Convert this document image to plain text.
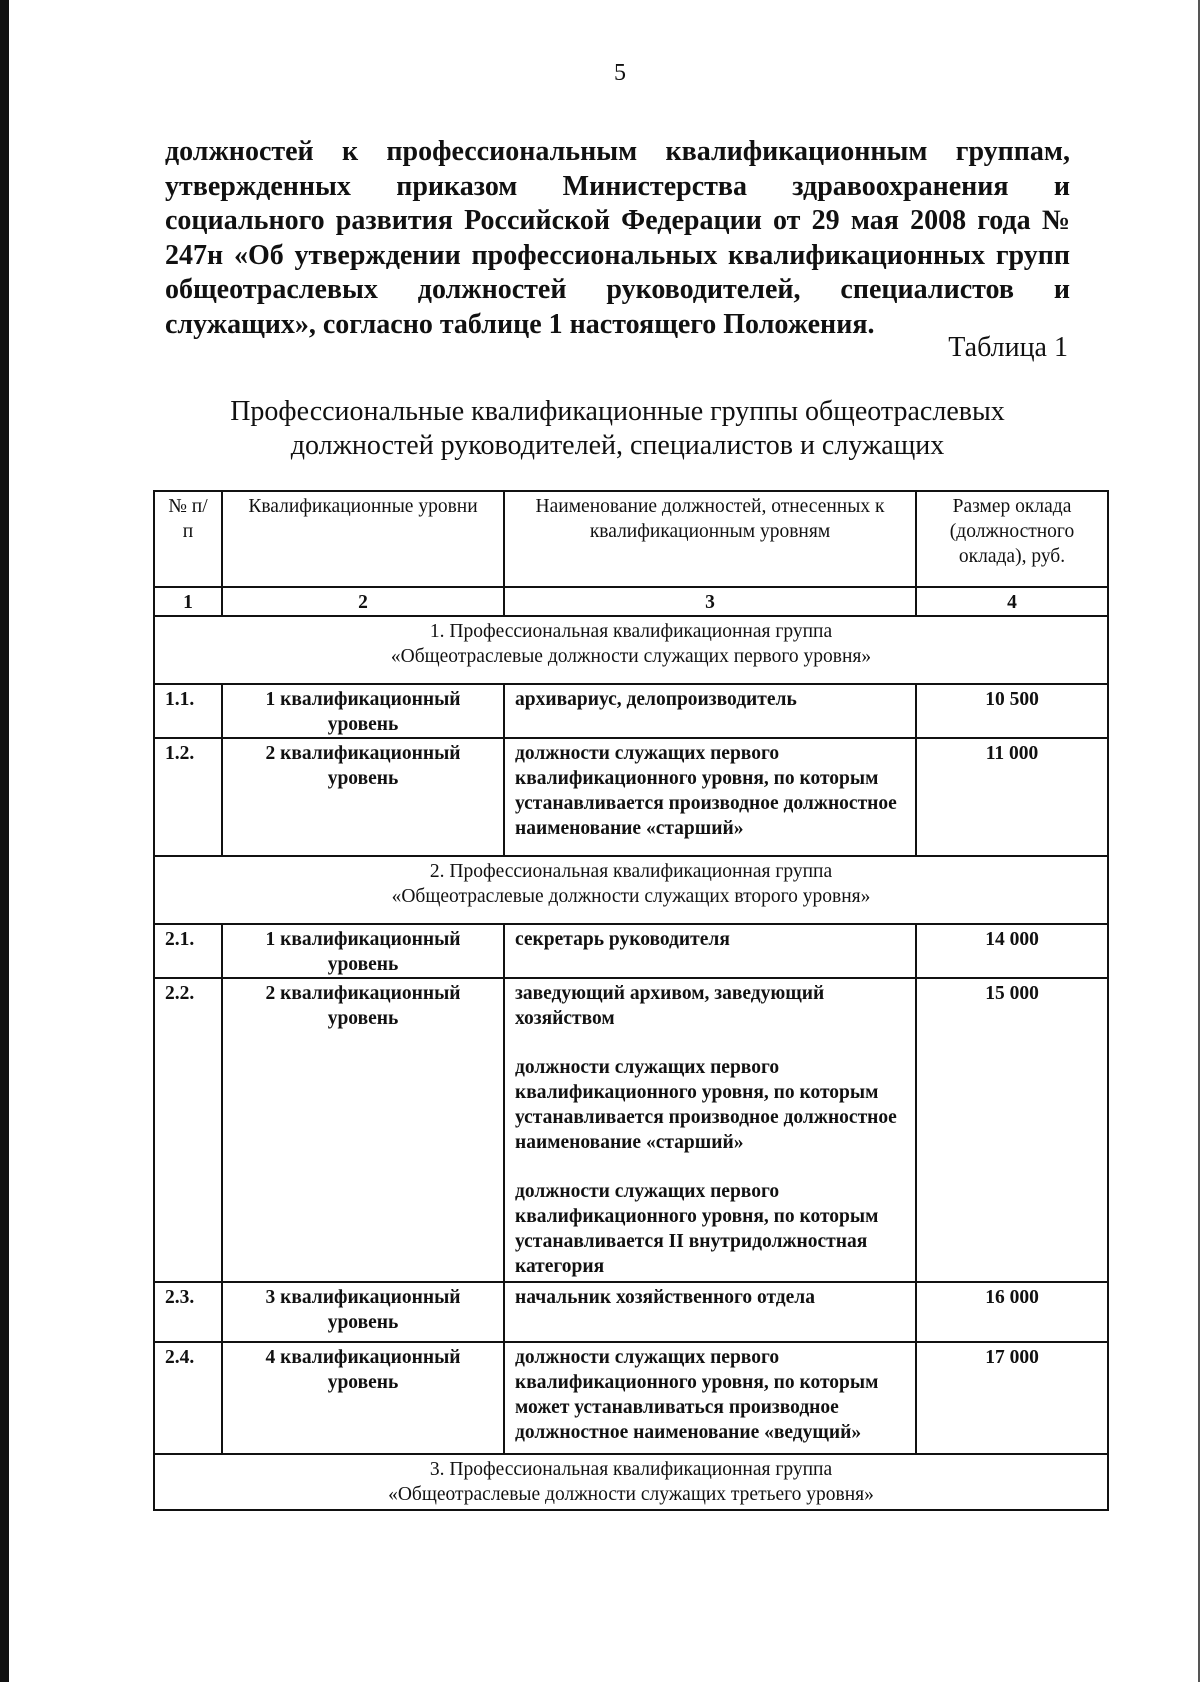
5
должностей к профессиональным квалификационным группам, утвержденных приказом Министерства здравоохранения и социального развития Российской Федерации от 29 мая 2008 года № 247н «Об утверждении профессиональных квалификационных групп общеотраслевых должностей руководителей, специалистов и служащих», согласно таблице 1 настоящего Положения.
Таблица 1
Профессиональные квалификационные группы общеотраслевых
должностей руководителей, специалистов и служащих
№ п/п	Квалификационные уровни	Наименование должностей, отнесенных к квалификационным уровням	Размер оклада (должностного оклада), руб.
1	2	3	4

1. Профессиональная квалификационная группа
«Общеотраслевые должности служащих первого уровня»			

1.1.	1 квалификационный уровень	архивариус, делопроизводитель	10 500
1.2.	2 квалификационный уровень	должности служащих первого квалификационного уровня, по которым устанавливается производное должностное наименование «старший»	11 000

2. Профессиональная квалификационная группа
«Общеотраслевые должности служащих второго уровня»			

2.1.	1 квалификационный уровень	секретарь руководителя	14 000
2.2.	2 квалификационный уровень	заведующий архивом, заведующий хозяйством
должности служащих первого квалификационного уровня, по которым устанавливается производное должностное наименование «старший»
должности служащих первого квалификационного уровня, по которым устанавливается II внутридолжностная категория	15 000
2.3.	3 квалификационный уровень	начальник хозяйственного отдела	16 000
2.4.	4 квалификационный уровень	должности служащих первого квалификационного уровня, по которым может устанавливаться производное должностное наименование «ведущий»	17 000

3. Профессиональная квалификационная группа
«Общеотраслевые должности служащих третьего уровня»			
